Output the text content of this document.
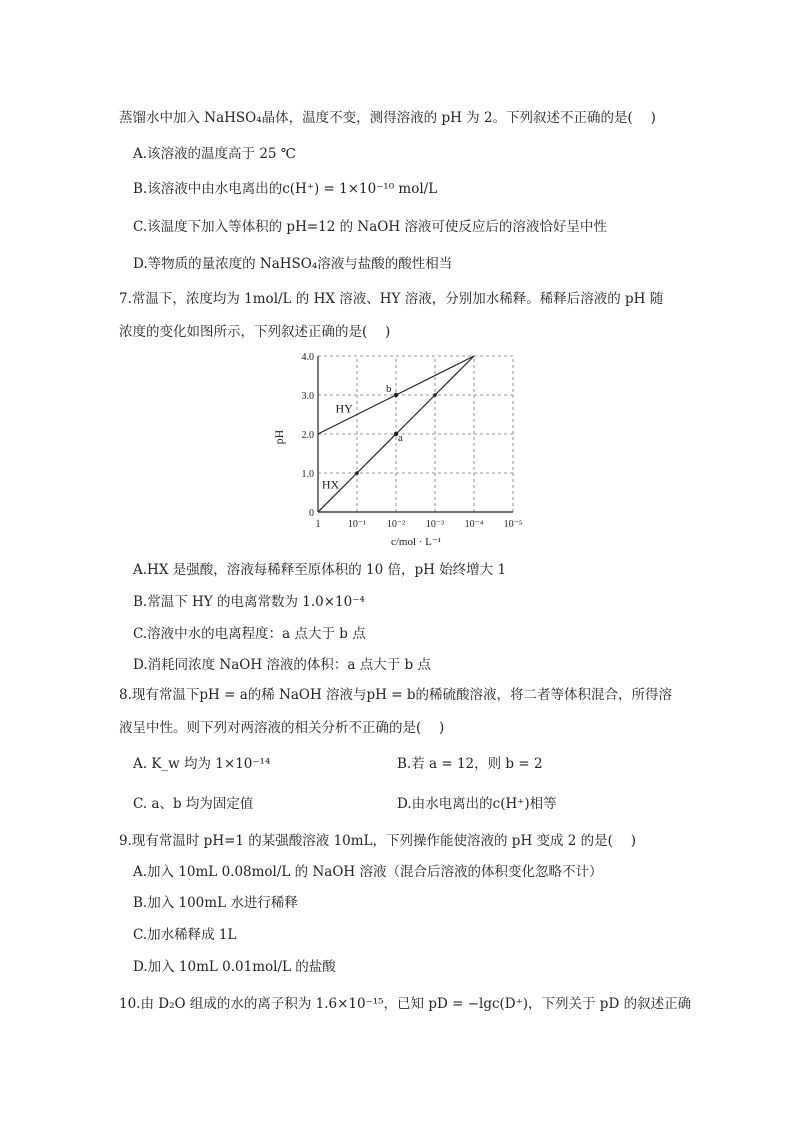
蒸馏水中加入 NaHSO₄晶体，温度不变，测得溶液的 pH 为 2。下列叙述不正确的是(　 )
A.该溶液的温度高于 25 ℃
B.该溶液中由水电离出的c(H⁺) = 1×10⁻¹⁰ mol/L
C.该温度下加入等体积的 pH=12 的 NaOH 溶液可使反应后的溶液恰好呈中性
D.等物质的量浓度的 NaHSO₄溶液与盐酸的酸性相当
7.常温下，浓度均为 1mol/L 的 HX 溶液、HY 溶液，分别加水稀释。稀释后溶液的 pH 随
浓度的变化如图所示，下列叙述正确的是(　 )
1	10⁻¹ 10⁻² 10⁻³ 10⁻⁴ 10⁻⁵
0
1.0
2.0
3.0
4.0
HX
HY
a
b
pH
c/mol · L⁻¹
A.HX 是强酸，溶液每稀释至原体积的 10 倍，pH 始终增大 1
B.常温下 HY 的电离常数为 1.0×10⁻⁴
C.溶液中水的电离程度：a 点大于 b 点
D.消耗同浓度 NaOH 溶液的体积：a 点大于 b 点
8.现有常温下pH = a的稀 NaOH 溶液与pH = b的稀硫酸溶液，将二者等体积混合，所得溶
液呈中性。则下列对两溶液的相关分析不正确的是(　 )
A. K_w 均为 1×10⁻¹⁴	B.若 a = 12，则 b = 2
C. a、b 均为固定值	D.由水电离出的c(H⁺)相等
9.现有常温时 pH=1 的某强酸溶液 10mL，下列操作能使溶液的 pH 变成 2 的是(　 )
A.加入 10mL 0.08mol/L 的 NaOH 溶液（混合后溶液的体积变化忽略不计）
B.加入 100mL 水进行稀释
C.加水稀释成 1L
D.加入 10mL 0.01mol/L 的盐酸
10.由 D₂O 组成的水的离子积为 1.6×10⁻¹⁵，已知 pD = −lgc(D⁺)，下列关于 pD 的叙述正确
